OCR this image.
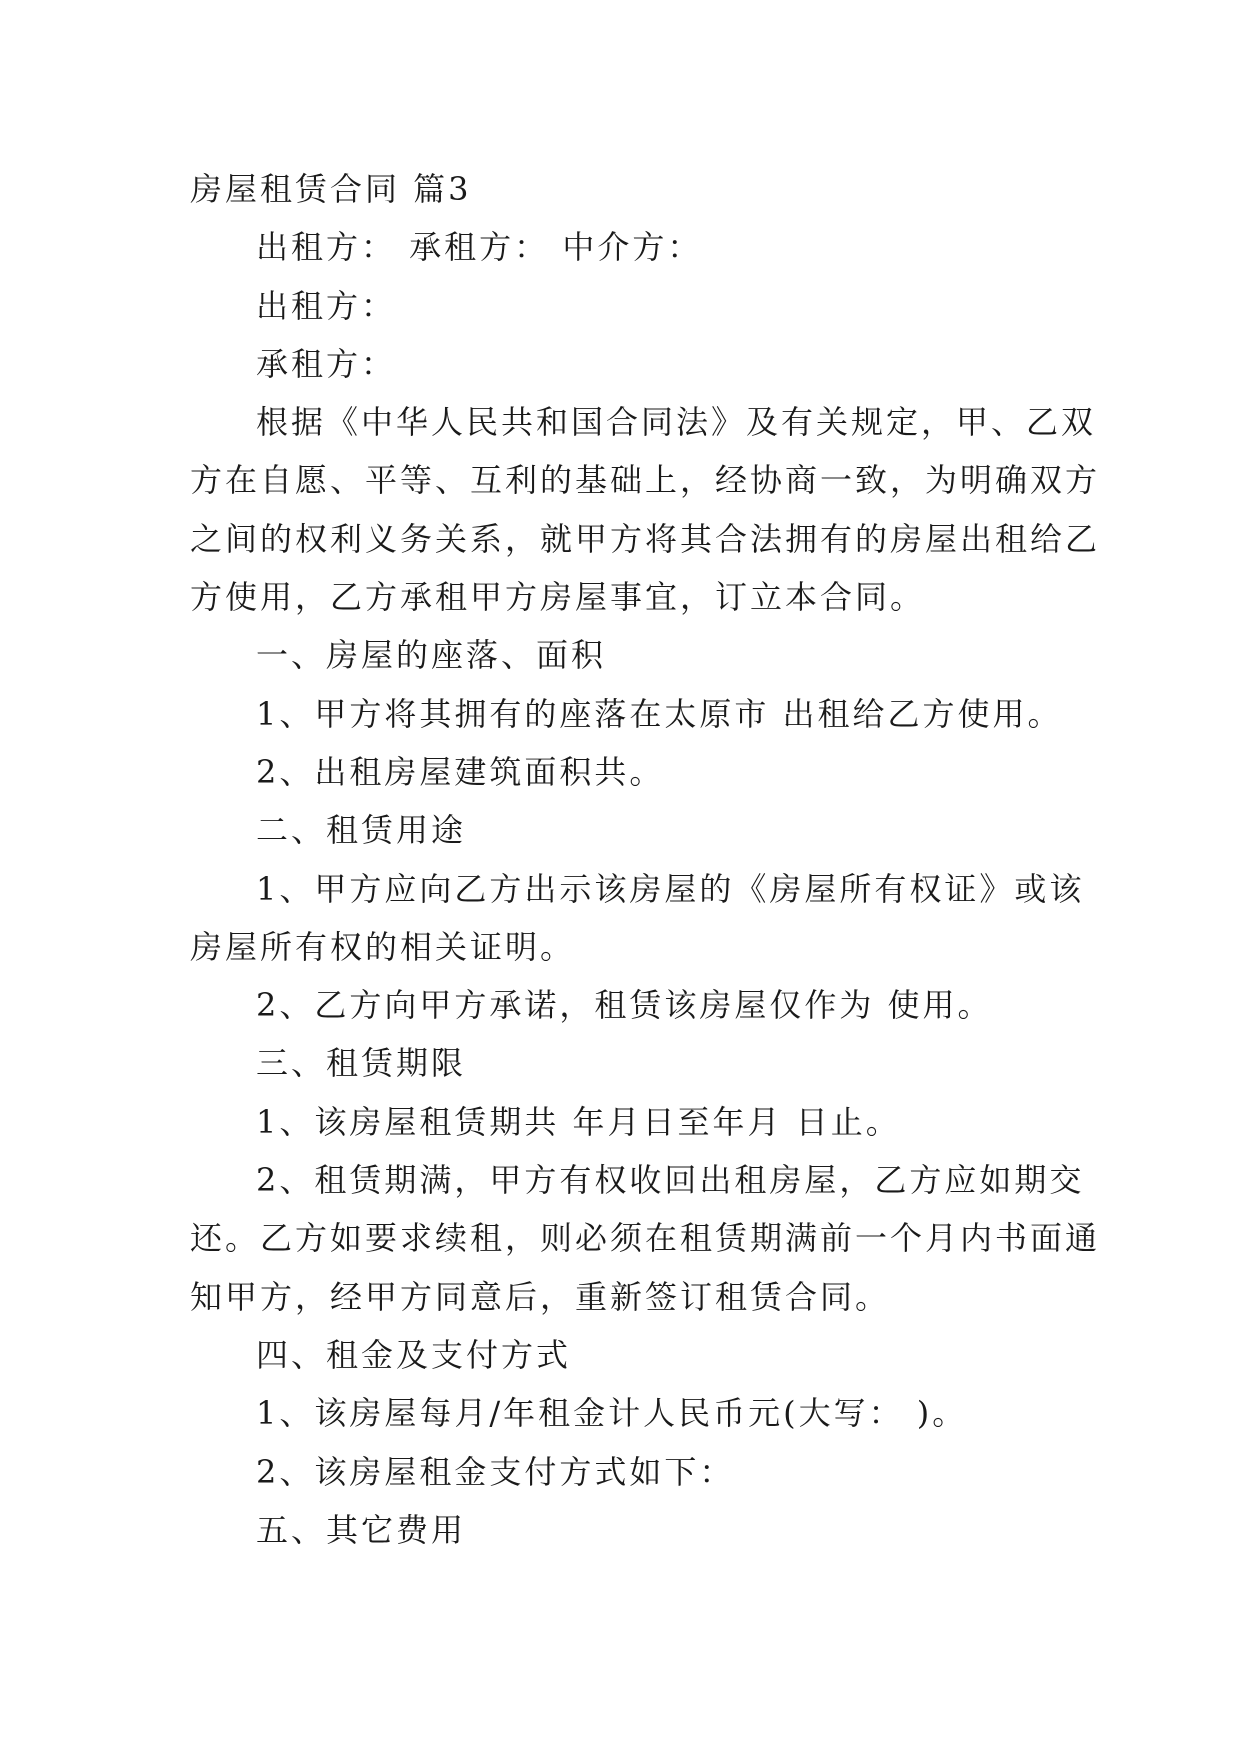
房屋租赁合同 篇3

出租方： 承租方： 中介方：

出租方：

承租方：

根据《中华人民共和国合同法》及有关规定，甲、乙双

方在自愿、平等、互利的基础上，经协商一致，为明确双方

之间的权利义务关系，就甲方将其合法拥有的房屋出租给乙

方使用，乙方承租甲方房屋事宜，订立本合同。

一、房屋的座落、面积

1、甲方将其拥有的座落在太原市 出租给乙方使用。

2、出租房屋建筑面积共。

二、租赁用途

1、甲方应向乙方出示该房屋的《房屋所有权证》或该

房屋所有权的相关证明。

2、乙方向甲方承诺，租赁该房屋仅作为 使用。

三、租赁期限

1、该房屋租赁期共 年月日至年月 日止。

2、租赁期满，甲方有权收回出租房屋，乙方应如期交

还。乙方如要求续租，则必须在租赁期满前一个月内书面通

知甲方，经甲方同意后，重新签订租赁合同。

四、租金及支付方式

1、该房屋每月/年租金计人民币元(大写： )。

2、该房屋租金支付方式如下：

五、其它费用
